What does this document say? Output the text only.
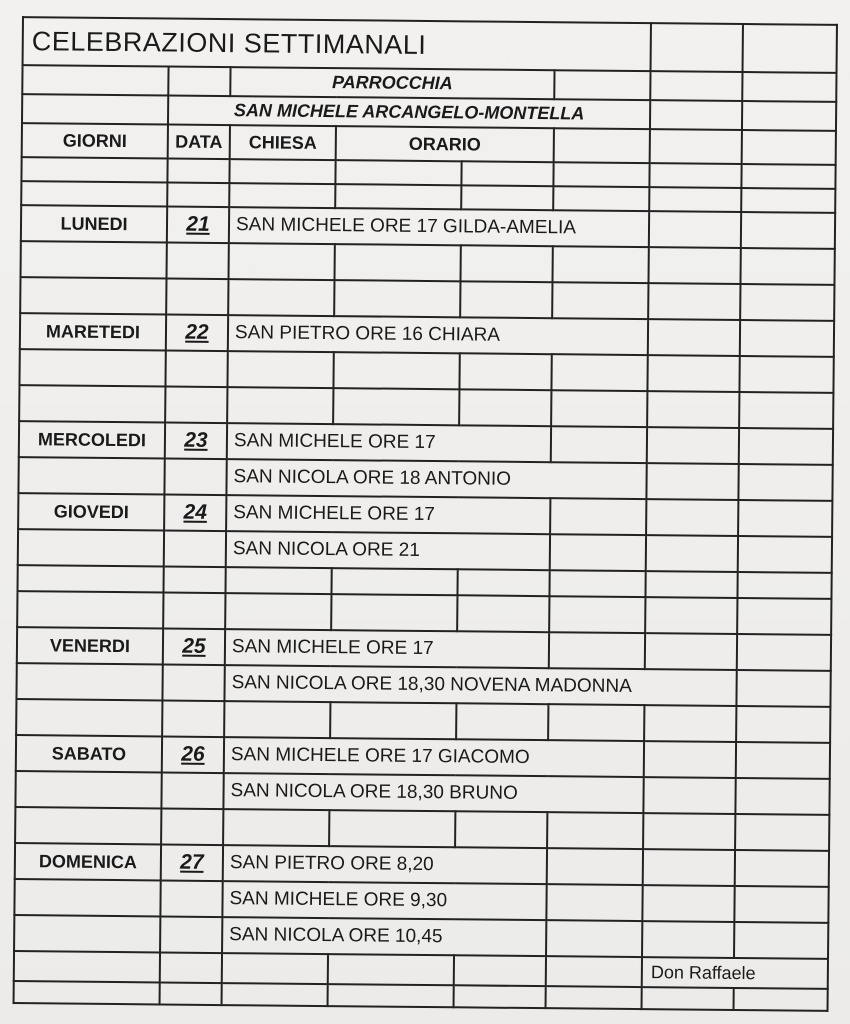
CELEBRAZIONI SETTIMANALI							
		PARROCCHIA					
	SAN MICHELE ARCANGELO-MONTELLA						
GIORNI	DATA	CHIESA	ORARIO				

LUNEDI	21	SAN MICHELE ORE 17 GILDA-AMELIA					

MARETEDI	22	SAN PIETRO ORE 16 CHIARA					

MERCOLEDI	23	SAN MICHELE ORE 17					
		SAN NICOLA ORE 18 ANTONIO					
GIOVEDI	24	SAN MICHELE ORE 17					
		SAN NICOLA ORE 21					

VENERDI	25	SAN MICHELE ORE 17					
		SAN NICOLA ORE 18,30 NOVENA MADONNA					

SABATO	26	SAN MICHELE ORE 17 GIACOMO					
		SAN NICOLA ORE 18,30 BRUNO					

DOMENICA	27	SAN PIETRO ORE 8,20					
		SAN MICHELE ORE 9,30					
		SAN NICOLA ORE 10,45					
						Don Raffaele	
